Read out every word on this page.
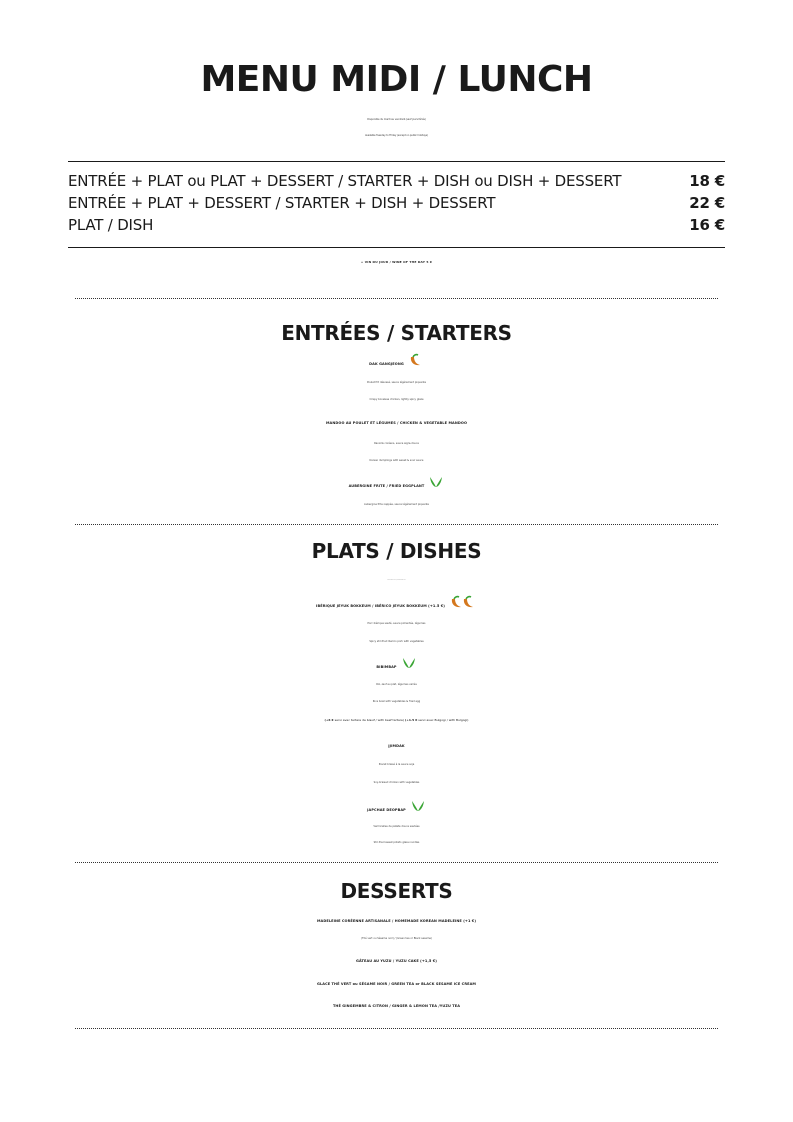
MENU MIDI / LUNCH
Disponible du mardi au vendredi (sauf jours fériés)
Available Tuesday to Friday (except on public holidays)
ENTRÉE + PLAT ou PLAT + DESSERT / STARTER + DISH ou DISH + DESSERT	18 €
ENTRÉE + PLAT + DESSERT / STARTER + DISH + DESSERT	22 €
PLAT / DISH	16 €
+ VIN DU JOUR / WINE OF THE DAY 5 €
ENTRÉES / STARTERS
DAK GANGJEONG
Poulet frit désossé, sauce légèrement piquante
Crispy boneless chicken, lightly spicy glaze
MANDOO AU POULET ET LÉGUMES / CHICKEN & VEGETABLE MANDOO
Raviolis coréens, sauce aigre-douce
Korean dumplings with sweet & sour sauce
AUBERGINE FRITE / FRIED EGGPLANT
Aubergine frite nappée, sauce légèrement piquante
PLATS / DISHES
Servis avec du riz / Served with rice
IBÉRIQUE JEYUK BOKKEUM / IBÉRICO JEYUK BOKKEUM (+1.5 €)
Porc ibérique sauté, sauce pimentée, légumes
Spicy stir-fried Iberico pork with vegetables
BIBIMBAP
Riz, œuf au plat, légumes variés
Rice bowl with vegetables & fried egg
(+6 € servi avec tartare de bœuf / with beef tartare) (+1.5 € servi avec Bulgogi / with Bulgogi)
JJIMDAK
Poulet braisé à la sauce soja
Soy-braised chicken with vegetables
JAPCHAE DEOPBAP
Vermicelles de patate douce sautées
Stir-fried sweet potato glass noodles
DESSERTS
MADELEINE CORÉENNE ARTISANALE / HOMEMADE KOREAN MADELEINE (+1 €)
(Thé vert ou Sésame noir) / (Green tea or Black sesame)
GÂTEAU AU YUZU / YUZU CAKE (+1,5 €)
GLACE THÉ VERT ou SÉSAME NOIR / GREEN TEA or BLACK SESAME ICE CREAM
THÉ GINGEMBRE & CITRON / GINGER & LEMON TEA /YUZU TEA
